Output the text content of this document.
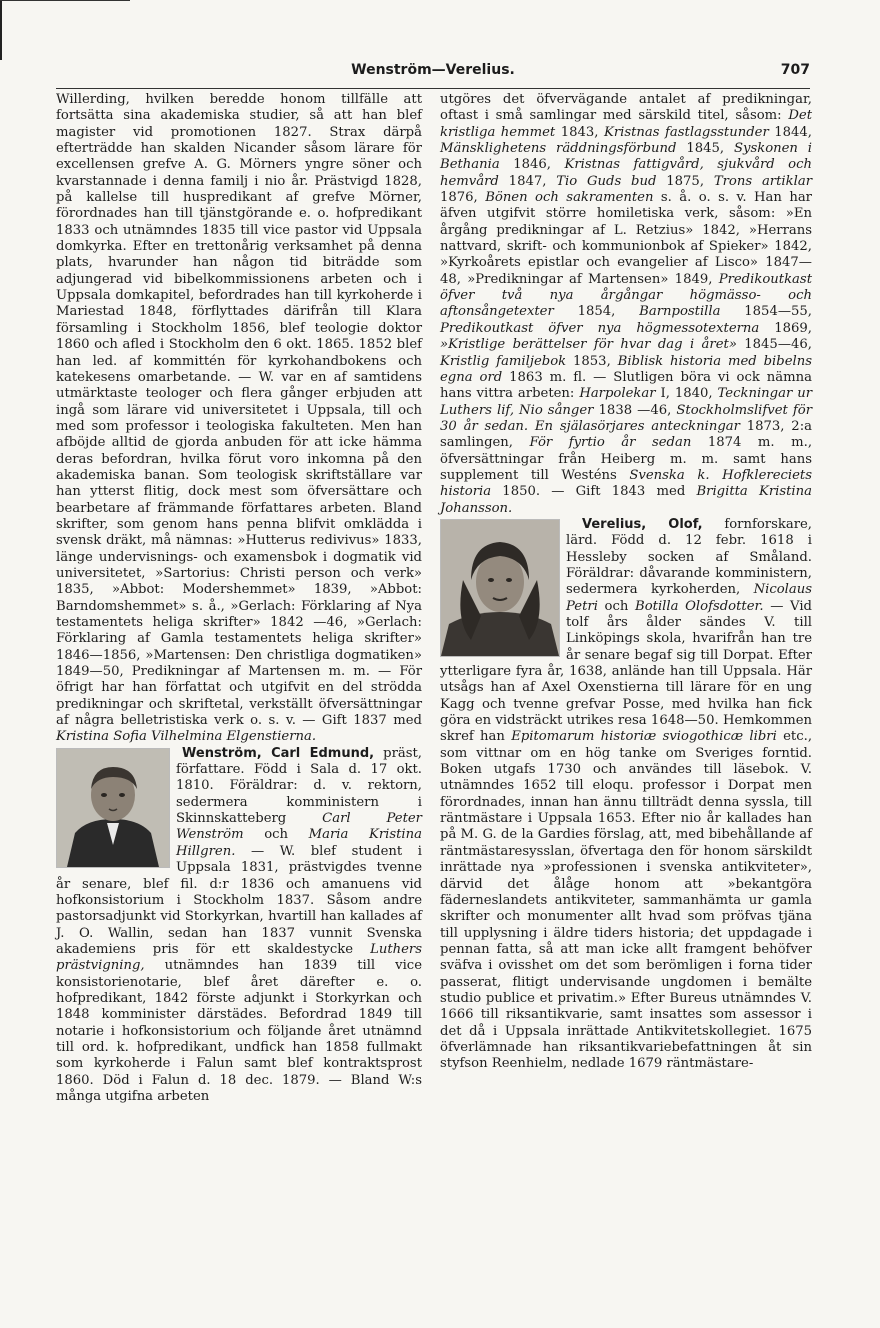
Wenström—Verelius.	707

Willerding, hvilken beredde honom tillfälle att fortsätta sina akademiska studier, så att han blef magister vid promotionen 1827. Strax därpå efterträdde han skalden Nicander såsom lärare för excellensen grefve A. G. Mörners yngre söner och kvarstannade i denna familj i nio år. Prästvigd 1828, på kallelse till huspredikant af grefve Mörner, förordnades han till tjänstgörande e. o. hofpredikant 1833 och utnämndes 1835 till vice pastor vid Uppsala domkyrka. Efter en trettonårig verksamhet på denna plats, hvarunder han någon tid biträdde som adjungerad vid bibelkommissionens arbeten och i Uppsala domkapitel, befordrades han till kyrkoherde i Mariestad 1848, förflyttades därifrån till Klara församling i Stockholm 1856, blef teologie doktor 1860 och afled i Stockholm den 6 okt. 1865. 1852 blef han led. af kommittén för kyrkohandbokens och katekesens omarbetande. — W. var en af samtidens utmärktaste teologer och flera gånger erbjuden att ingå som lärare vid universitetet i Uppsala, till och med som professor i teologiska fakulteten. Men han afböjde alltid de gjorda anbuden för att icke hämma deras befordran, hvilka förut voro inkomna på den akademiska banan. Som teologisk skriftställare var han ytterst flitig, dock mest som öfversättare och bearbetare af främmande författares arbeten. Bland skrifter, som genom hans penna blifvit omklädda i svensk dräkt, må nämnas: »Hutterus redivivus» 1833, länge undervisnings- och examensbok i dogmatik vid universitetet, »Sartorius: Christi person och verk» 1835, »Abbot: Modershemmet» 1839, »Abbot: Barndomshemmet» s. å., »Gerlach: Förklaring af Nya testamentets heliga skrifter» 1842 —46, »Gerlach: Förklaring af Gamla testamentets heliga skrifter» 1846—1856, »Martensen: Den christliga dogmatiken» 1849—50, Predikningar af Martensen m. m. — För öfrigt har han författat och utgifvit en del strödda predikningar och skriftetal, verkställt öfversättningar af några belletristiska verk o. s. v. — Gift 1837 med Kristina Sofia Vilhelmina Elgenstierna.

Wenström, Carl Edmund,
präst, författare. Född i Sala d. 17 okt. 1810. Föräldrar: d. v. rektorn, sedermera komministern i Skinnskatteberg Carl Peter Wenström och Maria Kristina Hillgren. — W. blef student i Uppsala 1831, prästvigdes tvenne år senare, blef fil. d:r 1836 och amanuens vid hofkonsistorium i Stockholm 1837. Såsom andre pastorsadjunkt vid Storkyrkan, hvartill han kallades af J. O. Wallin, sedan han 1837 vunnit Svenska akademiens pris för ett skaldestycke Luthers prästvigning, utnämndes han 1839 till vice konsistorienotarie, blef året därefter e. o. hofpredikant, 1842 förste adjunkt i Storkyrkan och 1848 komminister därstädes. Befordrad 1849 till notarie i hofkonsistorium och följande året utnämnd till ord. k. hofpredikant, undfick han 1858 fullmakt som kyrkoherde i Falun samt blef kontraktsprost 1860. Död i Falun d. 18 dec. 1879. — Bland W:s många utgifna arbeten

utgöres det öfvervägande antalet af predikningar, oftast i små samlingar med särskild titel, såsom: Det kristliga hemmet 1843, Kristnas fastlagsstunder 1844, Mänsklighetens räddningsförbund 1845, Syskonen i Bethania 1846, Kristnas fattigvård, sjukvård och hemvård 1847, Tio Guds bud 1875, Trons artiklar 1876, Bönen och sakramenten s. å. o. s. v. Han har äfven utgifvit större homiletiska verk, såsom: »En årgång predikningar af L. Retzius» 1842, »Herrans nattvard, skrift- och kommunionbok af Spieker» 1842, »Kyrkoårets epistlar och evangelier af Lisco» 1847—48, »Predikningar af Martensen» 1849, Predikoutkast öfver två nya årgångar högmässo- och aftonsångetexter 1854, Barnpostilla 1854—55, Predikoutkast öfver nya högmessotexterna 1869, »Kristlige berättelser för hvar dag i året» 1845—46, Kristlig familjebok 1853, Biblisk historia med bibelns egna ord 1863 m. fl. — Slutligen böra vi ock nämna hans vittra arbeten: Harpolekar I, 1840, Teckningar ur Luthers lif, Nio sånger 1838 —46, Stockholmslifvet för 30 år sedan. En själasörjares anteckningar 1873, 2:a samlingen, För fyrtio år sedan 1874 m. m., öfversättningar från Heiberg m. m. samt hans supplement till Westéns Svenska k. Hofklereciets historia 1850. — Gift 1843 med Brigitta Kristina Johansson.

Verelius, Olof,
fornforskare, lärd. Född d. 12 febr. 1618 i Hessleby socken af Småland. Föräldrar: dåvarande komministern, sedermera kyrkoherden, Nicolaus Petri och Botilla Olofsdotter. — Vid tolf års ålder sändes V. till Linköpings skola, hvarifrån han tre år senare begaf sig till Dorpat. Efter ytterligare fyra år, 1638, anlände han till Uppsala. Här utsågs han af Axel Oxenstierna till lärare för en ung Kagg och tvenne grefvar Posse, med hvilka han fick göra en vidsträckt utrikes resa 1648—50. Hemkommen skref han Epitomarum historiæ sviogothicæ libri etc., som vittnar om en hög tanke om Sveriges forntid. Boken utgafs 1730 och användes till läsebok. V. utnämndes 1652 till eloqu. professor i Dorpat men förordnades, innan han ännu tillträdt denna syssla, till räntmästare i Uppsala 1653. Efter nio år kallades han på M. G. de la Gardies förslag, att, med bibehållande af räntmästaresysslan, öfvertaga den för honom särskildt inrättade nya »professionen i svenska antikviteter», därvid det ålåge honom att »bekantgöra fäderneslandets antikviteter, sammanhämta ur gamla skrifter och monumenter allt hvad som pröfvas tjäna till upplysning i äldre tiders historia; det uppdagade i pennan fatta, så att man icke allt framgent behöfver sväfva i ovisshet om det som berömligen i forna tider passerat, flitigt undervisande ungdomen i bemälte studio publice et privatim.» Efter Bureus utnämndes V. 1666 till riksantikvarie, samt insattes som assessor i det då i Uppsala inrättade Antikvitetskollegiet. 1675 öfverlämnade han riksantikvariebefattningen åt sin styfson Reenhielm, nedlade 1679 räntmästare-
